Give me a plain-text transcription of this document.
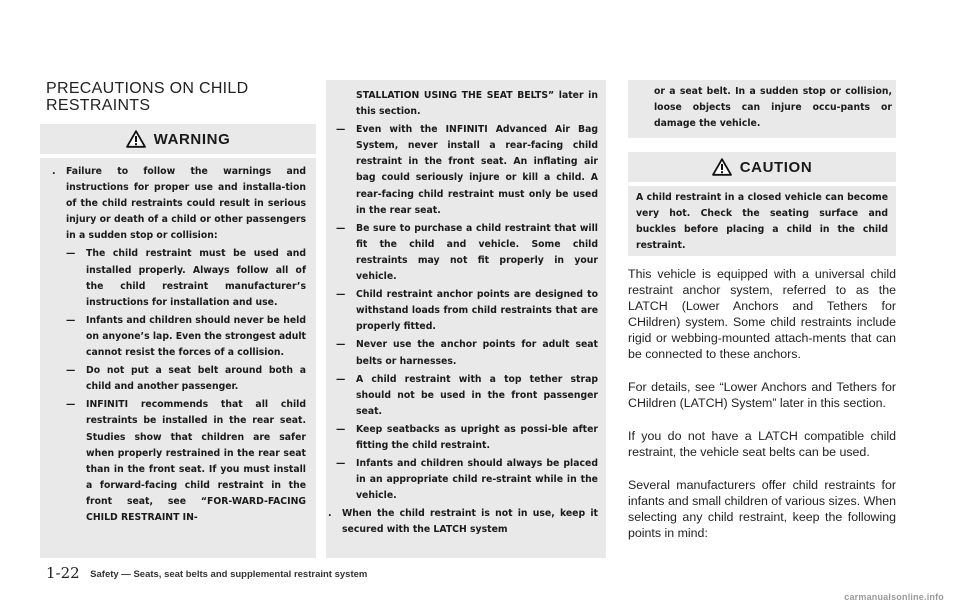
PRECAUTIONS ON CHILD RESTRAINTS
WARNING
. Failure to follow the warnings and instructions for proper use and installa-tion of the child restraints could result in serious injury or death of a child or other passengers in a sudden stop or collision:
— The child restraint must be used and installed properly. Always follow all of the child restraint manufacturer’s instructions for installation and use.
— Infants and children should never be held on anyone’s lap. Even the strongest adult cannot resist the forces of a collision.
— Do not put a seat belt around both a child and another passenger.
— INFINITI recommends that all child restraints be installed in the rear seat. Studies show that children are safer when properly restrained in the rear seat than in the front seat. If you must install a forward-facing child restraint in the front seat, see “FOR-WARD-FACING CHILD RESTRAINT IN-
STALLATION USING THE SEAT BELTS” later in this section.
— Even with the INFINITI Advanced Air Bag System, never install a rear-facing child restraint in the front seat. An inflating air bag could seriously injure or kill a child. A rear-facing child restraint must only be used in the rear seat.
— Be sure to purchase a child restraint that will fit the child and vehicle. Some child restraints may not fit properly in your vehicle.
— Child restraint anchor points are designed to withstand loads from child restraints that are properly fitted.
— Never use the anchor points for adult seat belts or harnesses.
— A child restraint with a top tether strap should not be used in the front passenger seat.
— Keep seatbacks as upright as possi-ble after fitting the child restraint.
— Infants and children should always be placed in an appropriate child re-straint while in the vehicle.
. When the child restraint is not in use, keep it secured with the LATCH system
or a seat belt. In a sudden stop or collision, loose objects can injure occu-pants or damage the vehicle.
CAUTION
A child restraint in a closed vehicle can become very hot. Check the seating surface and buckles before placing a child in the child restraint.
This vehicle is equipped with a universal child restraint anchor system, referred to as the LATCH (Lower Anchors and Tethers for CHildren) system. Some child restraints include rigid or webbing-mounted attach-ments that can be connected to these anchors.
For details, see “Lower Anchors and Tethers for CHildren (LATCH) System” later in this section.
If you do not have a LATCH compatible child restraint, the vehicle seat belts can be used.
Several manufacturers offer child restraints for infants and small children of various sizes. When selecting any child restraint, keep the following points in mind:
1-22 Safety — Seats, seat belts and supplemental restraint system
carmanualsonline.info
